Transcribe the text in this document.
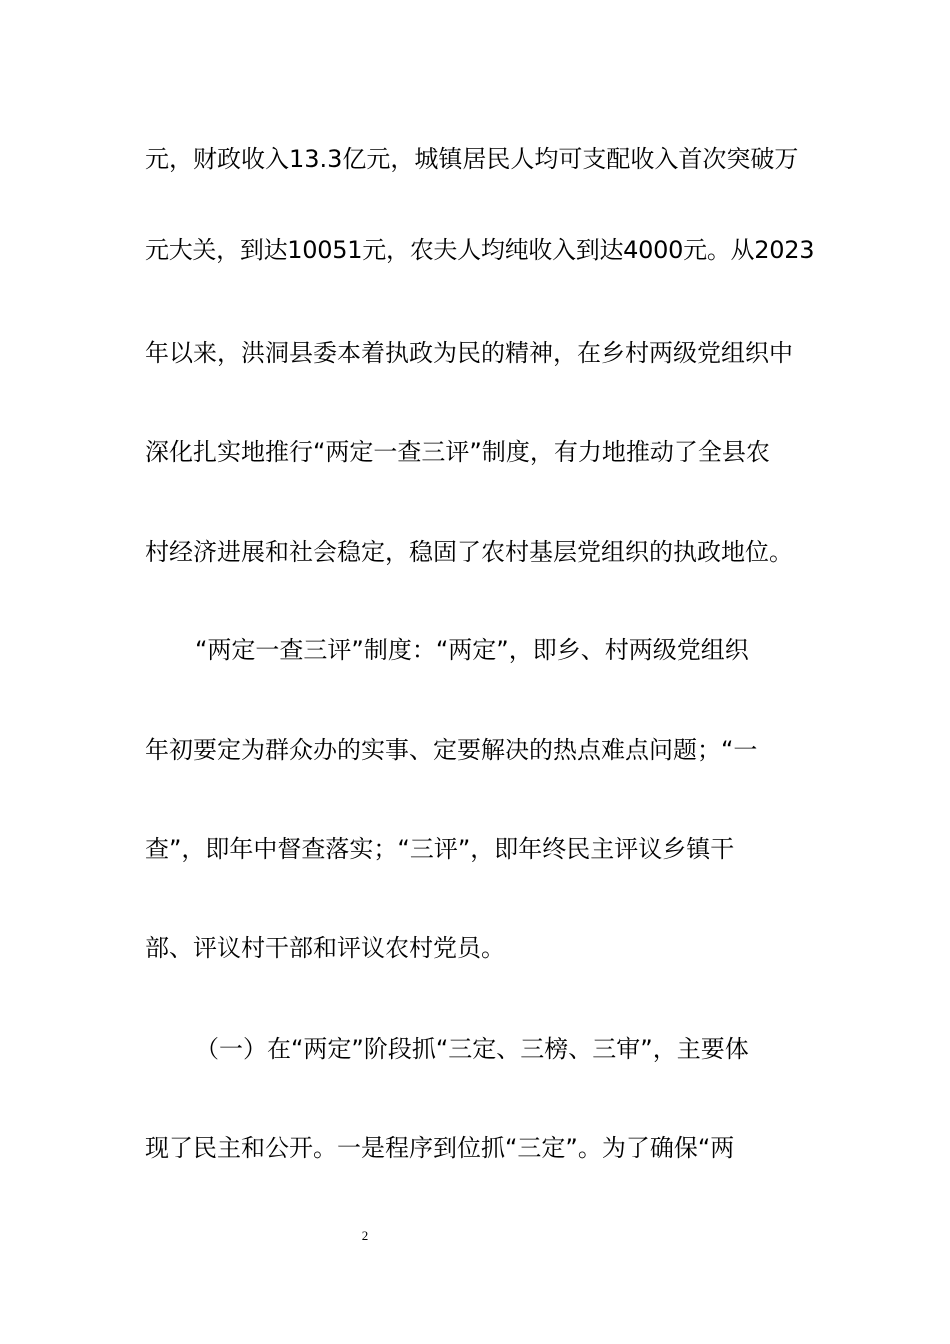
元，财政收入13.3亿元，城镇居民人均可支配收入首次突破万
元大关，到达10051元，农夫人均纯收入到达4000元。从2023
年以来，洪洞县委本着执政为民的精神，在乡村两级党组织中
深化扎实地推行“两定一查三评”制度，有力地推动了全县农
村经济进展和社会稳定，稳固了农村基层党组织的执政地位。
“两定一查三评”制度：“两定”，即乡、村两级党组织
年初要定为群众办的实事、定要解决的热点难点问题；“一
查”，即年中督查落实；“三评”，即年终民主评议乡镇干
部、评议村干部和评议农村党员。
（一）在“两定”阶段抓“三定、三榜、三审”，主要体
现了民主和公开。一是程序到位抓“三定”。为了确保“两
2
